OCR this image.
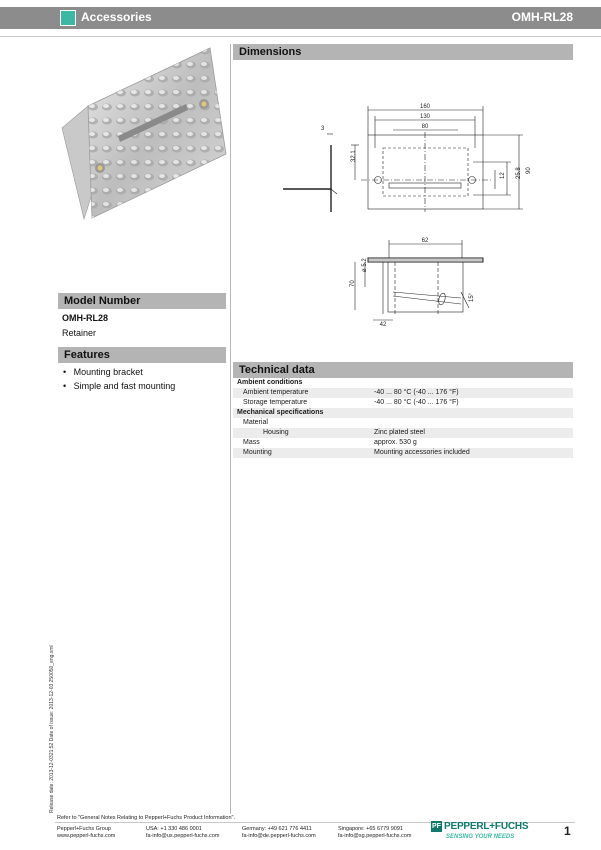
Accessories	OMH-RL28
Model Number
OMH-RL28
Retainer
Features
•   Mounting bracket
•   Simple and fast mounting
Dimensions
160
130
80
3
32.1
12 25.8 90
62
70
ø 5.2
15°
42
Technical data
Ambient conditions
Ambient temperature	-40 ... 80 °C (-40 ... 176 °F)
Storage temperature	-40 ... 80 °C (-40 ... 176 °F)
Mechanical specifications
Material
Housing	Zinc plated steel
Mass	approx. 530 g
Mounting	Mounting accessories included
Release date: 2013-12-0321:52 Date of issue: 2013-12-03 250050_eng.xml
Refer to "General Notes Relating to Pepperl+Fuchs Product Information".
Pepperl+Fuchs Group
www.pepperl-fuchs.com
USA: +1 330 486 0001
fa-info@us.pepperl-fuchs.com
Germany: +49 621 776 4411
fa-info@de.pepperl-fuchs.com
Singapore: +65 6779 9091
fa-info@sg.pepperl-fuchs.com
PF PEPPERL+FUCHS
SENSING YOUR NEEDS	1
